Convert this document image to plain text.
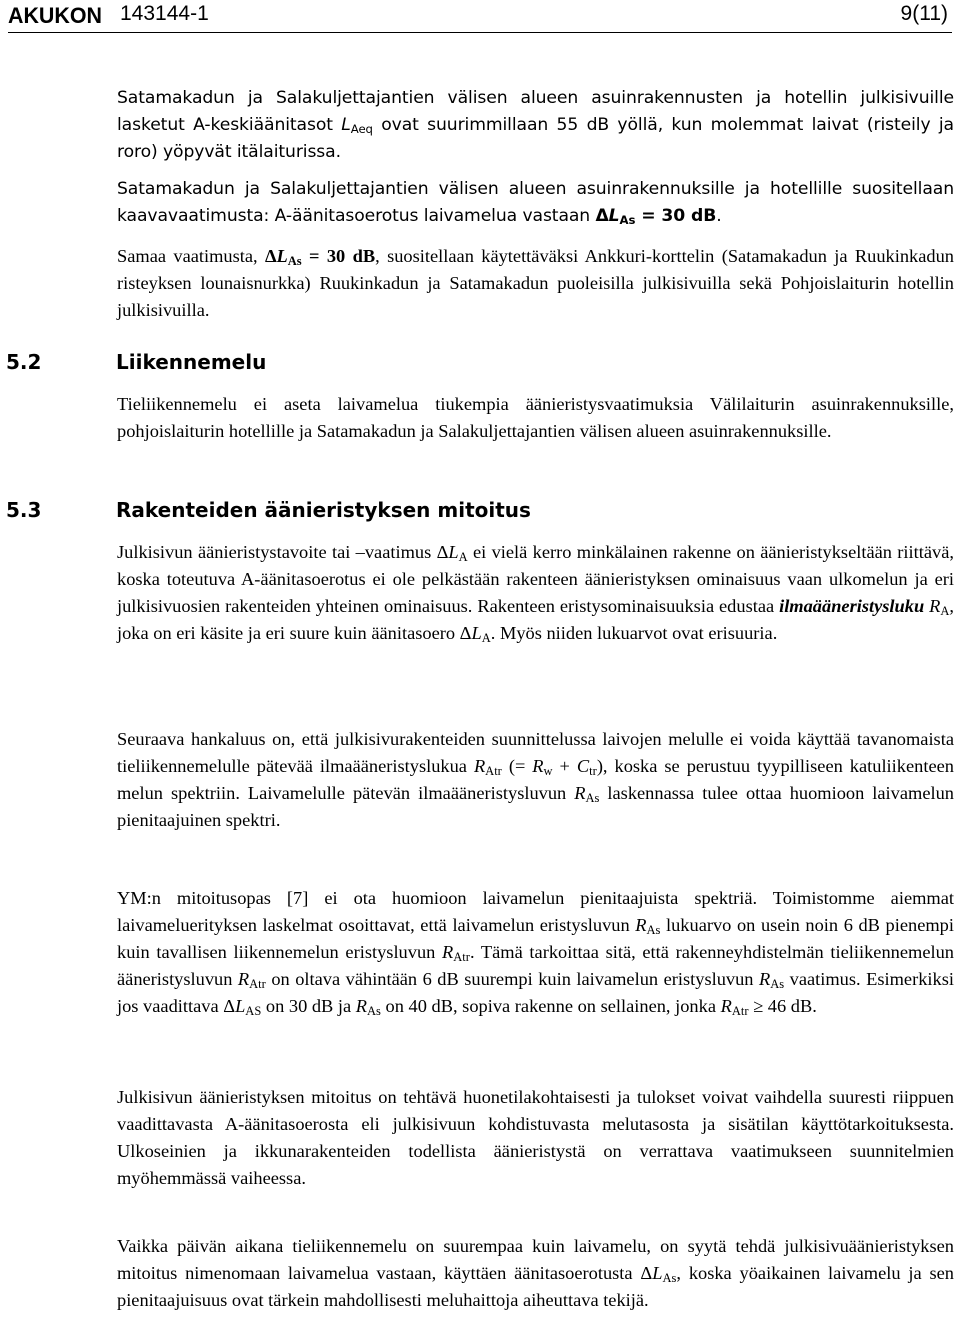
AKUKON 143144-1	9(11)

Satamakadun ja Salakuljettajantien välisen alueen asuinrakennusten ja hotellin julkisivuille lasketut A-keskiäänitasot $L_{Aeq}$ ovat suurimmillaan 55 dB yöllä, kun molemmat laivat (risteily ja roro) yöpyvät itälaiturissa.

Satamakadun ja Salakuljettajantien välisen alueen asuinrakennuksille ja hotellille suositellaan kaavavaatimusta: A-äänitasoerotus laivamelua vastaan $\Delta L_{As} = 30$ dB.

Samaa vaatimusta, $\Delta L_{As} = 30$ dB, suositellaan käytettäväksi Ankkuri-korttelin (Satamakadun ja Ruukinkadun risteyksen lounaisnurkka) Ruukinkadun ja Satamakadun puoleisilla julkisivuilla sekä Pohjoislaiturin hotellin julkisivuilla.

5.2	Liikennemelu

Tieliikennemelu ei aseta laivamelua tiukempia äänieristysvaatimuksia Välilaiturin asuinrakennuksille, pohjoislaiturin hotellille ja Satamakadun ja Salakuljettajantien välisen alueen asuinrakennuksille.

5.3	Rakenteiden äänieristyksen mitoitus

Julkisivun äänieristystavoite tai –vaatimus $\Delta L_A$ ei vielä kerro minkälainen rakenne on äänieristykseltään riittävä, koska toteutuva A-äänitasoerotus ei ole pelkästään rakenteen äänieristyksen ominaisuus vaan ulkomelun ja eri julkisivuosien rakenteiden yhteinen ominaisuus. Rakenteen eristysominaisuuksia edustaa ilmaääneristysluku $R_A$, joka on eri käsite ja eri suure kuin äänitasoero $\Delta L_A$. Myös niiden lukuarvot ovat erisuuria.

Seuraava hankaluus on, että julkisivurakenteiden suunnittelussa laivojen melulle ei voida käyttää tavanomaista tieliikennemelulle pätevää ilmaääneristyslukua $R_{Atr}$ (= $R_w + C_{tr}$), koska se perustuu tyypilliseen katuliikenteen melun spektriin. Laivamelulle pätevän ilmaääneristysluvun $R_{As}$ laskennassa tulee ottaa huomioon laivamelun pienitaajuinen spektri.

YM:n mitoitusopas [7] ei ota huomioon laivamelun pienitaajuista spektriä. Toimistomme aiemmat laivameluerityksen laskelmat osoittavat, että laivamelun eristysluvun $R_{As}$ lukuarvo on usein noin 6 dB pienempi kuin tavallisen liikennemelun eristysluvun $R_{Atr}$. Tämä tarkoittaa sitä, että rakenneyhdistelmän tieliikennemelun ääneristysluvun $R_{Atr}$ on oltava vähintään 6 dB suurempi kuin laivamelun eristysluvun $R_{As}$ vaatimus. Esimerkiksi jos vaadittava $\Delta L_{AS}$ on 30 dB ja $R_{As}$ on 40 dB, sopiva rakenne on sellainen, jonka $R_{Atr} \ge 46$ dB.

Julkisivun äänieristyksen mitoitus on tehtävä huonetilakohtaisesti ja tulokset voivat vaihdella suuresti riippuen vaadittavasta A-äänitasoerosta eli julkisivuun kohdistuvasta melutasosta ja sisätilan käyttötarkoituksesta. Ulkoseinien ja ikkunarakenteiden todellista äänieristystä on verrattava vaatimukseen suunnitelmien myöhemmässä vaiheessa.

Vaikka päivän aikana tieliikennemelu on suurempaa kuin laivamelu, on syytä tehdä julkisivuäänieristyksen mitoitus nimenomaan laivamelua vastaan, käyttäen äänitasoerotusta $\Delta L_{As}$, koska yöaikainen laivamelu ja sen pienitaajuisuus ovat tärkein mahdollisesti meluhaittoja aiheuttava tekijä.
